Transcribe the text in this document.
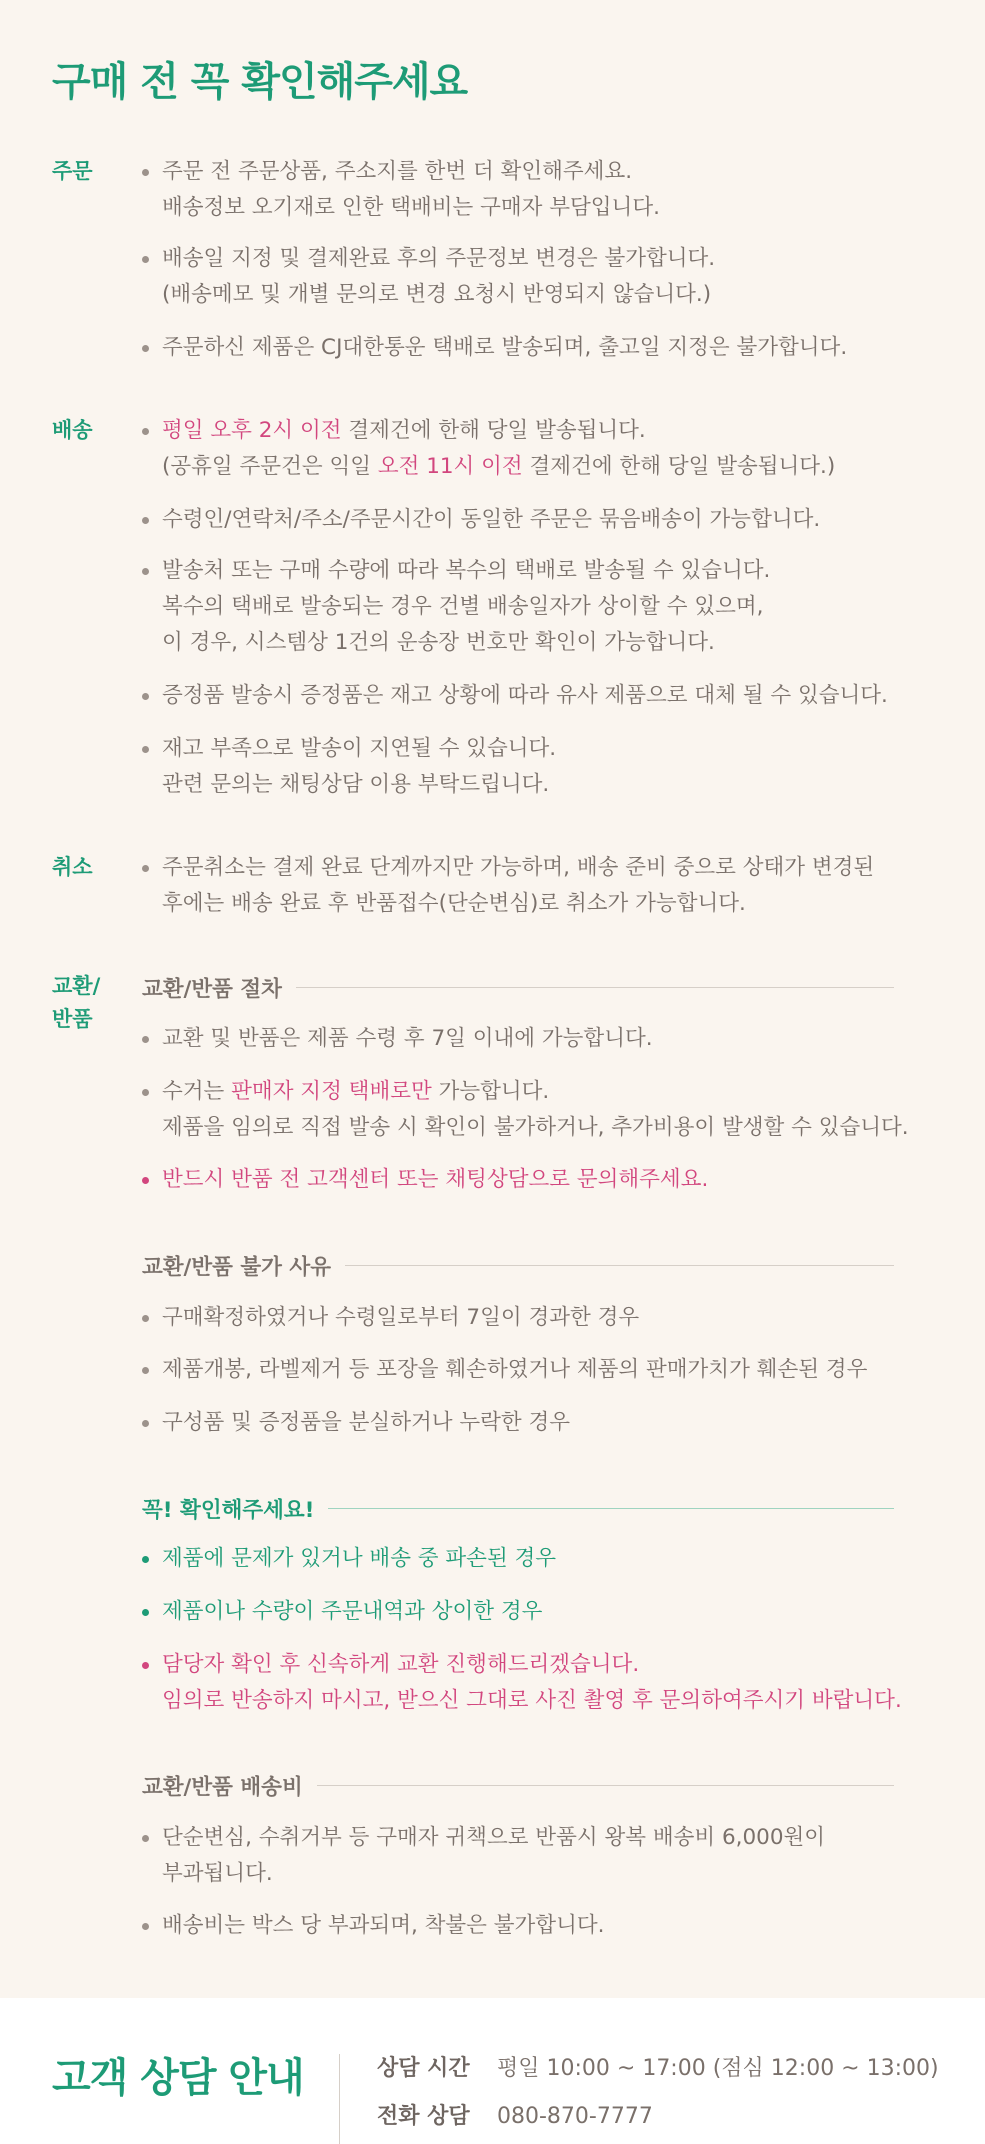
구매 전 꼭 확인해주세요
주문	주문 전 주문상품, 주소지를 한번 더 확인해주세요.
배송정보 오기재로 인한 택배비는 구매자 부담입니다.
배송일 지정 및 결제완료 후의 주문정보 변경은 불가합니다.
(배송메모 및 개별 문의로 변경 요청시 반영되지 않습니다.)
주문하신 제품은 CJ대한통운 택배로 발송되며, 출고일 지정은 불가합니다.
배송	평일 오후 2시 이전 결제건에 한해 당일 발송됩니다.
(공휴일 주문건은 익일 오전 11시 이전 결제건에 한해 당일 발송됩니다.)
수령인/연락처/주소/주문시간이 동일한 주문은 묶음배송이 가능합니다.
발송처 또는 구매 수량에 따라 복수의 택배로 발송될 수 있습니다.
복수의 택배로 발송되는 경우 건별 배송일자가 상이할 수 있으며,
이 경우, 시스템상 1건의 운송장 번호만 확인이 가능합니다.
증정품 발송시 증정품은 재고 상황에 따라 유사 제품으로 대체 될 수 있습니다.
재고 부족으로 발송이 지연될 수 있습니다.
관련 문의는 채팅상담 이용 부탁드립니다.
취소	주문취소는 결제 완료 단계까지만 가능하며, 배송 준비 중으로 상태가 변경된
후에는 배송 완료 후 반품접수(단순변심)로 취소가 가능합니다.
교환/
반품
교환/반품 절차
교환 및 반품은 제품 수령 후 7일 이내에 가능합니다.
수거는 판매자 지정 택배로만 가능합니다.
제품을 임의로 직접 발송 시 확인이 불가하거나, 추가비용이 발생할 수 있습니다.
반드시 반품 전 고객센터 또는 채팅상담으로 문의해주세요.
교환/반품 불가 사유
구매확정하였거나 수령일로부터 7일이 경과한 경우
제품개봉, 라벨제거 등 포장을 훼손하였거나 제품의 판매가치가 훼손된 경우
구성품 및 증정품을 분실하거나 누락한 경우
꼭! 확인해주세요!
제품에 문제가 있거나 배송 중 파손된 경우
제품이나 수량이 주문내역과 상이한 경우
담당자 확인 후 신속하게 교환 진행해드리겠습니다.
임의로 반송하지 마시고, 받으신 그대로 사진 촬영 후 문의하여주시기 바랍니다.
교환/반품 배송비
단순변심, 수취거부 등 구매자 귀책으로 반품시 왕복 배송비 6,000원이
부과됩니다.
배송비는 박스 당 부과되며, 착불은 불가합니다.
고객 상담 안내	상담 시간 평일 10:00 ~ 17:00 (점심 12:00 ~ 13:00)
전화 상담 080-870-7777
